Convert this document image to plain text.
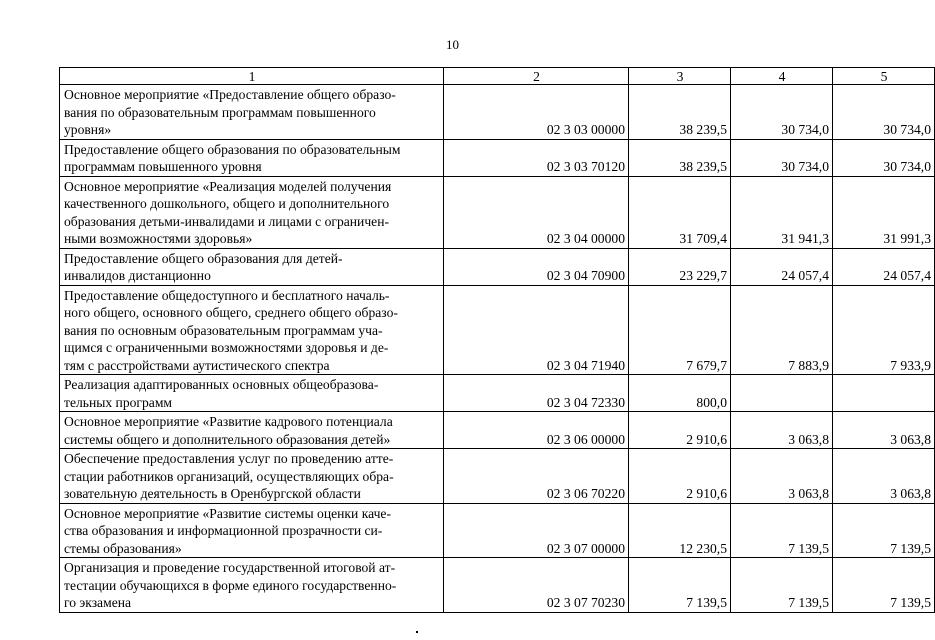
10
1	2	3	4	5
Основное мероприятие «Предоставление общего образо-
вания по образовательным программам повышенного
уровня»	02 3 03 00000	38 239,5	30 734,0	30 734,0
Предоставление общего образования по образовательным
программам повышенного уровня	02 3 03 70120	38 239,5	30 734,0	30 734,0
Основное мероприятие «Реализация моделей получения
качественного дошкольного, общего и дополнительного
образования детьми-инвалидами и лицами с ограничен-
ными возможностями здоровья»	02 3 04 00000	31 709,4	31 941,3	31 991,3
Предоставление общего образования для детей-
инвалидов дистанционно	02 3 04 70900	23 229,7	24 057,4	24 057,4
Предоставление общедоступного и бесплатного началь-
ного общего, основного общего, среднего общего образо-
вания по основным образовательным программам уча-
щимся с ограниченными возможностями здоровья и де-
тям с расстройствами аутистического спектра	02 3 04 71940	7 679,7	7 883,9	7 933,9
Реализация адаптированных основных общеобразова-
тельных программ	02 3 04 72330	800,0		
Основное мероприятие «Развитие кадрового потенциала
системы общего и дополнительного образования детей»	02 3 06 00000	2 910,6	3 063,8	3 063,8
Обеспечение предоставления услуг по проведению атте-
стации работников организаций, осуществляющих обра-
зовательную деятельность в Оренбургской области	02 3 06 70220	2 910,6	3 063,8	3 063,8
Основное мероприятие «Развитие системы оценки каче-
ства образования и информационной прозрачности си-
стемы образования»	02 3 07 00000	12 230,5	7 139,5	7 139,5
Организация и проведение государственной итоговой ат-
тестации обучающихся в форме единого государственно-
го экзамена	02 3 07 70230	7 139,5	7 139,5	7 139,5
